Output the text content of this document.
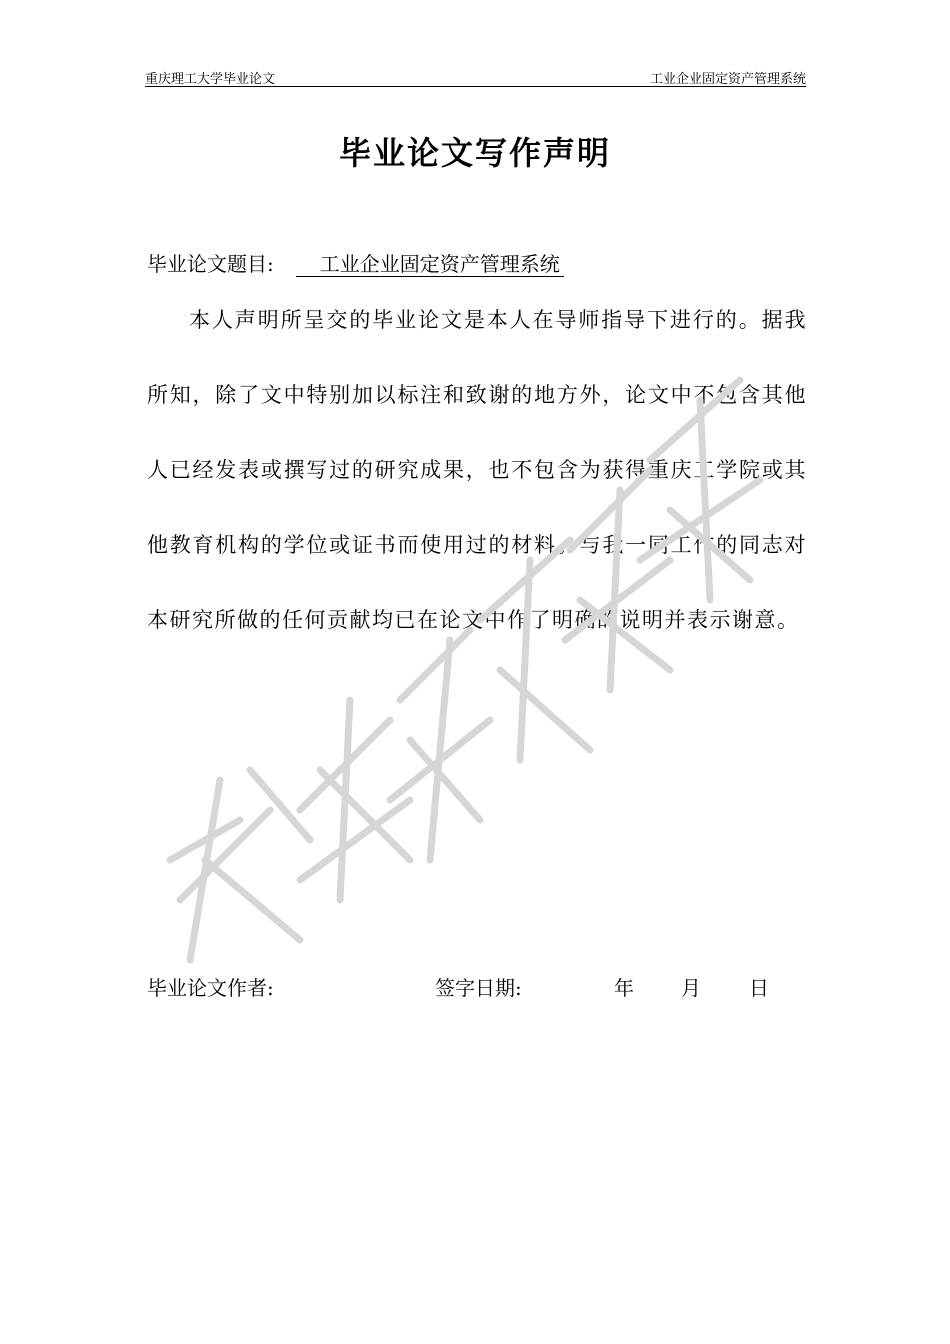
重庆理工大学毕业论文	工业企业固定资产管理系统
毕业论文写作声明
毕业论文题目: 工业企业固定资产管理系统

本人声明所呈交的毕业论文是本人在导师指导下进行的。据我所知，除了文中特别加以标注和致谢的地方外，论文中不包含其他人已经发表或撰写过的研究成果，也不包含为获得重庆工学院或其他教育机构的学位或证书而使用过的材料。与我一同工作的同志对本研究所做的任何贡献均已在论文中作了明确的说明并表示谢意。

毕业论文作者:	签字日期:	年 月 日
